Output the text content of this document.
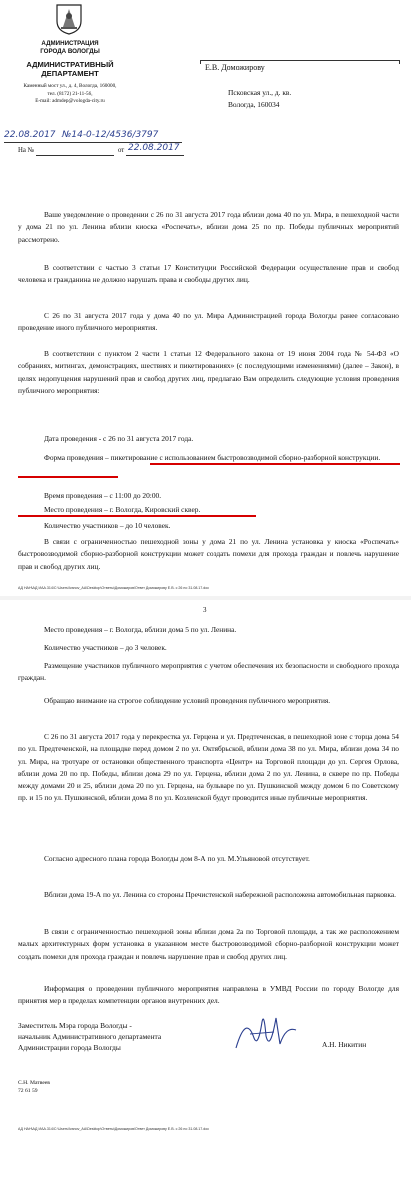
АДМИНИСТРАЦИЯ
ГОРОДА ВОЛОГДЫ
АДМИНИСТРАТИВНЫЙ
ДЕПАРТАМЕНТ
Каменный мост ул., д. 4, Вологда, 160000,
тел. (8172) 21-11-56,
E-mail: admdep@vologda-city.ru
Е.В. Доможирову
Псковская ул., д. кв.
Вологда, 160034
22.08.2017 №14-0-12/4536/3797
На №	от 22.08.2017
Ваше уведомление о проведении с 26 по 31 августа 2017 года вблизи дома 40 по ул. Мира, в пешеходной части у дома 21 по ул. Ленина вблизи киоска «Роспечать», вблизи дома 25 по пр. Победы публичных мероприятий рассмотрено.
В соответствии с частью 3 статьи 17 Конституции Российской Федерации осуществление прав и свобод человека и гражданина не должно нарушать права и свободы других лиц.
С 26 по 31 августа 2017 года у дома 40 по ул. Мира Администрацией города Вологды ранее согласовано проведение иного публичного мероприятия.
В соответствии с пунктом 2 части 1 статьи 12 Федерального закона от 19 июня 2004 года № 54-ФЗ «О собраниях, митингах, демонстрациях, шествиях и пикетированиях» (с последующими изменениями) (далее – Закон), в целях недопущения нарушений прав и свобод других лиц, предлагаю Вам определить следующие условия проведения публичного мероприятия:
Дата проведения - с 26 по 31 августа 2017 года.
Форма проведения – пикетирование с использованием быстровозводимой сборно-разборной конструкции.
Время проведения – с 11:00 до 20:00.
Место проведения – г. Вологда, Кировский сквер.
Количество участников – до 10 человек.
В связи с ограниченностью пешеходной зоны у дома 21 по ул. Ленина установка у киоска «Роспечать» быстровозводимой сборно-разборной конструкции может создать помехи для прохода граждан и повлечь нарушение прав и свобод других лиц.
АД НАН\АД ИАА.314\C:\Users\Ivanov_AA\Desktop\Ответы\Доможиров\Ответ Доможирову Е.В. с 26 по 31.08.17.doc
3
Место проведения – г. Вологда, вблизи дома 5 по ул. Ленина.
Количество участников – до 3 человек.
Размещение участников публичного мероприятия с учетом обеспечения их безопасности и свободного прохода граждан.
Обращаю внимание на строгое соблюдение условий проведения публичного мероприятия.
С 26 по 31 августа 2017 года у перекрестка ул. Герцена и ул. Предтеченская, в пешеходной зоне с торца дома 54 по ул. Предтеченской, на площадке перед домом 2 по ул. Октябрьской, вблизи дома 38 по ул. Мира, вблизи дома 34 по ул. Мира, на тротуаре от остановки общественного транспорта «Центр» на Торговой площади до ул. Сергея Орлова, вблизи дома 20 по пр. Победы, вблизи дома 29 по ул. Герцена, вблизи дома 2 по ул. Ленина, в сквере по пр. Победы между домами 20 и 25, вблизи дома 20 по ул. Герцена, на бульваре по ул. Пушкинской между домом 6 по Советскому пр. и 15 по ул. Пушкинской, вблизи дома 8 по ул. Козленской будут проводится иные публичные мероприятия.
Согласно адресного плана города Вологды дом 8-А по ул. М.Ульяновой отсутствует.
Вблизи дома 19-А по ул. Ленина со стороны Пречистенской набережной расположена автомобильная парковка.
В связи с ограниченностью пешеходной зоны вблизи дома 2а по Торговой площади, а так же расположением малых архитектурных форм установка в указанном месте быстровозводимой сборно-разборной конструкции может создать помехи для прохода граждан и повлечь нарушение прав и свобод других лиц.
Информация о проведении публичного мероприятия направлена в УМВД России по городу Вологде для принятия мер в пределах компетенции органов внутренних дел.
Заместитель Мэра города Вологды -
начальник Административного департамента
Администрации города Вологды	А.Н. Никитин
С.Н. Матвеев
72 61 59
АД НАН\АД ИАА.314\C:\Users\Ivanov_AA\Desktop\Ответы\Доможиров\Ответ Доможирову Е.В. с 26 по 31.08.17.doc
